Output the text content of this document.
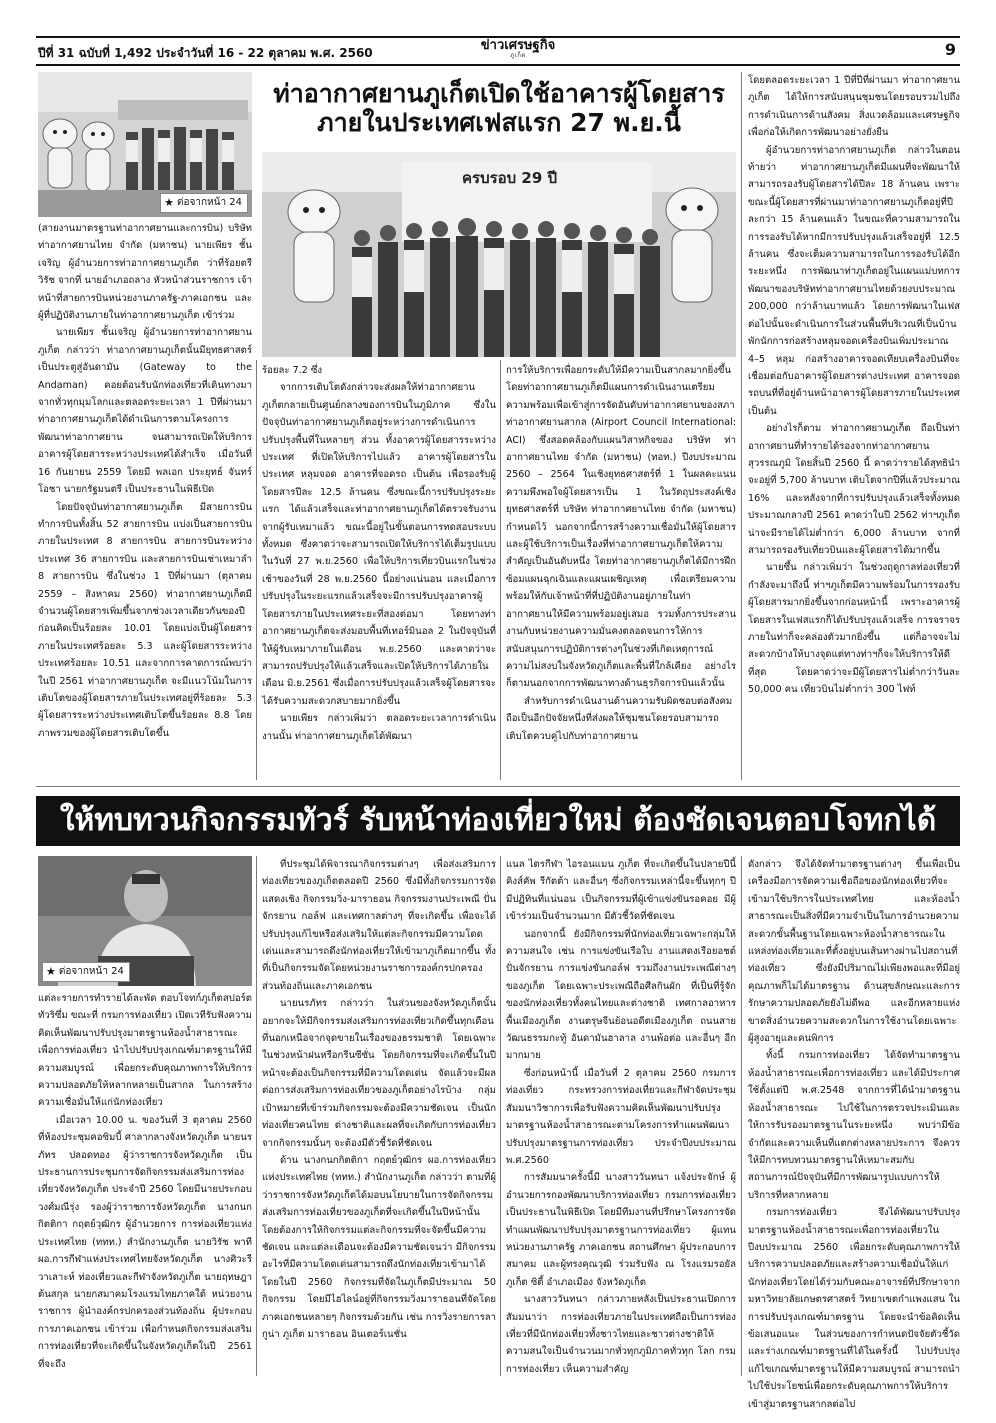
ปีที่ 31 ฉบับที่ 1,492 ประจำวันที่ 16 - 22 ตุลาคม พ.ศ. 2560	ข่าวเศรษฐกิจ
ภูเก็ต	9
★ ต่อจากหน้า 24
ท่าอากาศยานภูเก็ตเปิดใช้อาคารผู้โดยสาร
ภายในประเทศเฟสแรก 27 พ.ย.นี้
ครบรอบ 29 ปี

(สายงานมาตรฐานท่าอากาศยานและการบิน) บริษัท ท่าอากาศยานไทย จำกัด (มหาชน) นายเพียร ชั้นเจริญ ผู้อำนวยการท่าอากาศยานภูเก็ต ว่าที่ร้อยตรีวิรัช จากที่ นายอำเภอถลาง หัวหน้าส่วนราชการ เจ้าหน้าที่สายการบินหน่วยงานภาครัฐ-ภาคเอกชน และผู้ที่ปฏิบัติงานภายในท่าอากาศยานภูเก็ต เข้าร่วม

นายเพียร ชั้นเจริญ ผู้อำนวยการท่าอากาศยานภูเก็ต กล่าวว่า ท่าอากาศยานภูเก็ตนั้นมียุทธศาสตร์เป็นประตูสู่อันดามัน (Gateway to the Andaman) คอยต้อนรับนักท่องเที่ยวที่เดินทางมาจากทั่วทุกมุมโลกและตลอดระยะเวลา 1 ปีที่ผ่านมา ท่าอากาศยานภูเก็ตได้ดำเนินการตามโครงการพัฒนาท่าอากาศยาน จนสามารถเปิดให้บริการอาคารผู้โดยสารระหว่างประเทศได้สำเร็จ เมื่อวันที่ 16 กันยายน 2559 โดยมี พลเอก ประยุทธ์ จันทร์โอชา นายกรัฐมนตรี เป็นประธานในพิธีเปิด

โดยปัจจุบันท่าอากาศยานภูเก็ต มีสายการบินทำการบินทั้งสิ้น 52 สายการบิน แบ่งเป็นสายการบินภายในประเทศ 8 สายการบิน สายการบินระหว่างประเทศ 36 สายการบิน และสายการบินเช่าเหมาลำ 8 สายการบิน ซึ่งในช่วง 1 ปีที่ผ่านมา (ตุลาคม 2559 – สิงหาคม 2560) ท่าอากาศยานภูเก็ตมีจำนวนผู้โดยสารเพิ่มขึ้นจากช่วงเวลาเดียวกันของปีก่อนคิดเป็นร้อยละ 10.01 โดยแบ่งเป็นผู้โดยสารภายในประเทศร้อยละ 5.3 และผู้โดยสารระหว่างประเทศร้อยละ 10.51 และจากการคาดการณ์พบว่าในปี 2561 ท่าอากาศยานภูเก็ต จะมีแนวโน้มในการเติบโตของผู้โดยสารภายในประเทศอยู่ที่ร้อยละ 5.3 ผู้โดยสารระหว่างประเทศเติบโตขึ้นร้อยละ 8.8 โดยภาพรวมของผู้โดยสารเติบโตขึ้น

ร้อยละ 7.2 ซึ่ง

จากการเติบโตดังกล่าวจะส่งผลให้ท่าอากาศยานภูเก็ตกลายเป็นศูนย์กลางของการบินในภูมิภาค ซึ่งในปัจจุบันท่าอากาศยานภูเก็ตอยู่ระหว่างการดำเนินการปรับปรุงพื้นที่ในหลายๆ ส่วน ทั้งอาคารผู้โดยสารระหว่างประเทศ ที่เปิดให้บริการไปแล้ว อาคารผู้โดยสารในประเทศ หลุมจอด อาคารที่จอดรถ เป็นต้น เพื่อรองรับผู้โดยสารปีละ 12.5 ล้านคน ซึ่งขณะนี้การปรับปรุงระยะแรก ได้แล้วเสร็จและท่าอากาศยานภูเก็ตได้ตรวจรับงานจากผู้รับเหมาแล้ว ขณะนี้อยู่ในขั้นตอนการทดสอบระบบทั้งหมด ซึ่งคาดว่าจะสามารถเปิดให้บริการได้เต็มรูปแบบในวันที่ 27 พ.ย.2560 เพื่อให้บริการเที่ยวบินแรกในช่วงเช้าของวันที่ 28 พ.ย.2560 นี้อย่างแน่นอน และเมื่อการปรับปรุงในระยะแรกแล้วเสร็จจะมีการปรับปรุงอาคารผู้โดยสารภายในประเทศระยะที่สองต่อมา โดยทางท่าอากาศยานภูเก็ตจะส่งมอบพื้นที่เทอร์มินอล 2 ในปัจจุบันที่ให้ผู้รับเหมาภายในเดือน พ.ย.2560 และคาดว่าจะสามารถปรับปรุงให้แล้วเสร็จและเปิดให้บริการได้ภายในเดือน มิ.ย.2561 ซึ่งเมื่อการปรับปรุงแล้วเสร็จผู้โดยสารจะได้รับความสะดวกสบายมากยิ่งขึ้น

นายเพียร กล่าวเพิ่มว่า ตลอดระยะเวลาการดำเนินงานนั้น ท่าอากาศยานภูเก็ตได้พัฒนา

การให้บริการเพื่อยกระดับให้มีความเป็นสากลมากยิ่งขึ้น โดยท่าอากาศยานภูเก็ตมีแผนการดำเนินงานเตรียมความพร้อมเพื่อเข้าสู่การจัดอันดับท่าอากาศยานของสภาท่าอากาศยานสากล (Airport Council International: ACI) ซึ่งสอดคล้องกับแผนวิสาหกิจของ บริษัท ท่าอากาศยานไทย จำกัด (มหาชน) (ทอท.) ปีงบประมาณ 2560 – 2564 ในเชิงยุทธศาสตร์ที่ 1 ในผลคะแนนความพึงพอใจผู้โดยสารเป็น 1 ในวัตถุประสงค์เชิงยุทธศาสตร์ที่ บริษัท ท่าอากาศยานไทย จำกัด (มหาชน) กำหนดไว้ นอกจากนี้การสร้างความเชื่อมั่นให้ผู้โดยสารและผู้ใช้บริการเป็นเรื่องที่ท่าอากาศยานภูเก็ตให้ความสำคัญเป็นอันดับหนึ่ง โดยท่าอากาศยานภูเก็ตได้มีการฝึกซ้อมแผนฉุกเฉินและแผนเผชิญเหตุ เพื่อเตรียมความพร้อมให้กับเจ้าหน้าที่ที่ปฏิบัติงานอยู่ภายในท่าอากาศยานให้มีความพร้อมอยู่เสมอ รวมทั้งการประสานงานกับหน่วยงานความมั่นคงตลอดจนการให้การสนับสนุนการปฏิบัติการต่างๆในช่วงที่เกิดเหตุการณ์ความไม่สงบในจังหวัดภูเก็ตและพื้นที่ใกล้เคียง อย่างไรก็ตามนอกจากการพัฒนาทางด้านธุรกิจการบินแล้วนั้น

สำหรับการดำเนินงานด้านความรับผิดชอบต่อสังคมถือเป็นอีกปัจจัยหนึ่งที่ส่งผลให้ชุมชนโดยรอบสามารถเติบโตควบคู่ไปกับท่าอากาศยาน

โดยตลอดระยะเวลา 1 ปีที่ปีที่ผ่านมา ท่าอากาศยานภูเก็ต ได้ให้การสนับสนุนชุมชนโดยรอบรวมไปถึงการดำเนินการด้านสังคม สิ่งแวดล้อมและเศรษฐกิจ เพื่อก่อให้เกิดการพัฒนาอย่างยั่งยืน

ผู้อำนวยการท่าอากาศยานภูเก็ต กล่าวในตอนท้ายว่า ท่าอากาศยานภูเก็ตมีแผนที่จะพัฒนาให้สามารถรองรับผู้โดยสารได้ปีละ 18 ล้านคน เพราะขณะนี้ผู้โดยสารที่ผ่านมาท่าอากาศยานภูเก็ตอยู่ที่ปีละกว่า 15 ล้านคนแล้ว ในขณะที่ความสามารถในการรองรับได้หากมีการปรับปรุงแล้วเสร็จอยู่ที่ 12.5 ล้านคน ซึ่งจะเต็มความสามารถในการรองรับได้อีกระยะหนึ่ง การพัฒนาท่าภูเก็ตอยู่ในแผนแม่บทการพัฒนาของบริษัทท่าอากาศยานไทยด้วยงบประมาณ 200,000 กว่าล้านบาทแล้ว โดยการพัฒนาในเฟสต่อไปนั้นจะดำเนินการในส่วนพื้นที่บริเวณที่เป็นบ้านพักนักการก่อสร้างหลุมจอดเครื่องบินเพิ่มประมาณ 4–5 หลุม ก่อสร้างอาคารจอดเทียบเครื่องบินที่จะเชื่อมต่อกับอาคารผู้โดยสารต่างประเทศ อาคารจอดรถบนที่ที่อยู่ด้านหน้าอาคารผู้โดยสารภายในประเทศ เป็นต้น

อย่างไรก็ตาม ท่าอากาศยานภูเก็ต ถือเป็นท่าอากาศยานที่ทำรายได้รองจากท่าอากาศยานสุวรรณภูมิ โดยสิ้นปี 2560 นี้ คาดว่ารายได้สุทธินำจะอยู่ที่ 5,700 ล้านบาท เติบโตจากปีที่แล้วประมาณ 16% และหลังจากที่การปรับปรุงแล้วเสร็จทั้งหมด ประมาณกลางปี 2561 คาดว่าในปี 2562 ท่าฯภูเก็ตน่าจะมีรายได้ไม่ต่ำกว่า 6,000 ล้านบาท จากที่สามารถรองรับเที่ยวบินและผู้โดยสารได้มากขึ้น

นายซึ้น กล่าวเพิ่มว่า ในช่วงฤดูกาลท่องเที่ยวที่กำลังจะมาถึงนี้ ท่าฯภูเก็ตมีความพร้อมในการรองรับผู้โดยสารมากยิ่งขึ้นจากก่อนหน้านี้ เพราะอาคารผู้โดยสารในเฟสแรกก็ได้ปรับปรุงแล้วเสร็จ การจราจรภายในท่าก็จะคล่องตัวมากยิ่งขึ้น แต่ก็อาจจะไม่สะดวกบ้างให้บางจุดแต่ทางท่าฯก็จะให้บริการให้ดีที่สุด โดยคาดว่าจะมีผู้โดยสารไม่ต่ำกว่าวันละ 50,000 คน เที่ยวบินไม่ต่ำกว่า 300 ไฟท์

ให้ทบทวนกิจกรรมทัวร์ รับหน้าท่องเที่ยวใหม่ ต้องชัดเจนตอบโจทกได้
★ ต่อจากหน้า 24

แต่ละรายการทำรายได้ละพัด ตอบโจทก์ภูเก็ตสปอร์ตทัวริซึ่ม ขณะที่ กรมการท่องเที่ยว เปิดเวทีรับฟังความคิดเห็นพัฒนาปรับปรุงมาตรฐานห้องน้ำสาธารณะเพื่อการท่องเที่ยว นำไปปรับปรุงเกณฑ์มาตรฐานให้มีความสมบูรณ์ เพื่อยกระดับคุณภาพการให้บริการความปลอดภัยให้หลากหลายเป็นสากล ในการสร้างความเชื่อมั่นให้แก่นักท่องเที่ยว

เมื่อเวลา 10.00 น. ของวันที่ 3 ตุลาคม 2560 ที่ห้องประชุมคอซิมบี้ ศาลากลางจังหวัดภูเก็ต นายนรภัทร ปลอดทอง ผู้ว่าราชการจังหวัดภูเก็ต เป็นประธานการประชุมการจัดกิจกรรมส่งเสริมการท่องเที่ยวจังหวัดภูเก็ต ประจำปี 2560 โดยมีนายประกอบ วงศ์มณีรุ่ง รองผู้ว่าราชการจังหวัดภูเก็ต นางกนกกิตติกา กฤตย์วุฒิกร ผู้อำนวยการ การท่องเที่ยวแห่งประเทศไทย (ททท.) สำนักงานภูเก็ต นายวิรัช พาที ผอ.การกีฬาแห่งประเทศไทยจังหวัดภูเก็ต นางศิวะรีวาเลาะห์ ท่องเที่ยวและกีฬาจังหวัดภูเก็ต นายฤทษฎา ต้นสกุล นายกสมาคมโรงแรมไทยภาคใต้ หน่วยงานราชการ ผู้นำองค์กรปกครองส่วนท้องถิ่น ผู้ประกอบการภาคเอกชน เข้าร่วม เพื่อกำหนดกิจกรรมส่งเสริมการท่องเที่ยวที่จะเกิดขึ้นในจังหวัดภูเก็ตในปี 2561 ที่จะถึง

ที่ประชุมได้พิจารณากิจกรรมต่างๆ เพื่อส่งเสริมการท่องเที่ยวของภูเก็ตตลอดปี 2560 ซึ่งมีทั้งกิจกรรมการจัดแสดงเชิง กิจกรรมวิ่ง-มาราธอน กิจกรรมงานประเพณี ปั่นจักรยาน กอล์ฟ และเทศกาลต่างๆ ที่จะเกิดขึ้น เพื่อจะได้ปรับปรุงแก้ไขหรือส่งเสริมให้แต่ละกิจกรรมมีความโดดเด่นและสามารถดึงนักท่องเที่ยวให้เข้ามาภูเก็ตมากขึ้น ทั้งที่เป็นกิจกรรมจัดโดยหน่วยงานราชการองค์กรปกครองส่วนท้องถิ่นและภาคเอกชน

นายนรภัทร กล่าวว่า ในส่วนของจังหวัดภูเก็ตนั้นอยากจะให้มีกิจกรรมส่งเสริมการท่องเที่ยวเกิดขึ้นทุกเดือน ที่นอกเหนือจากจุดขายในเรื่องของธรรมชาติ โดยเฉพาะในช่วงหน้าฝนหรือกรีนซีซั่น โดยกิจกรรมที่จะเกิดขึ้นในปีหน้าจะต้องเป็นกิจกรรมที่มีความโดดเด่น จัดแล้วจะมีผลต่อการส่งเสริมการท่องเที่ยวของภูเก็ตอย่างไรบ้าง กลุ่มเป้าหมายที่เข้าร่วมกิจกรรมจะต้องมีความชัดเจน เป็นนักท่องเที่ยวคนไทย ต่างชาติและผลที่จะเกิดกับการท่องเที่ยวจากกิจกรรมนั้นๆ จะต้องมีตัวชี้วัดที่ชัดเจน

ด้าน นางกนกกิตติกา กฤตย์วุฒิกร ผอ.การท่องเที่ยวแห่งประเทศไทย (ททท.) สำนักงานภูเก็ต กล่าวว่า ตามที่ผู้ว่าราชการจังหวัดภูเก็ตได้มอบนโยบายในการจัดกิจกรรมส่งเสริมการท่องเที่ยวของภูเก็ตที่จะเกิดขึ้นในปีหน้านั้น โดยต้องการให้กิจกรรมแต่ละกิจกรรมที่จะจัดขึ้นมีความชัดเจน และแต่ละเดือนจะต้องมีความชัดเจนว่า มีกิจกรรมอะไรที่มีความโดดเด่นสามารถดึงนักท่องเที่ยวเข้ามาได้ โดยในปี 2560 กิจกรรมที่จัดในภูเก็ตมีประมาณ 50 กิจกรรม โดยมีไฮไลน์อยู่ที่กิจกรรมวิ่งมาราธอนที่จัดโดยภาคเอกชนหลายๆ กิจกรรมด้วยกัน เช่น การวิ่งรายการลากูน่า ภูเก็ต มาราธอน อินเตอร์เนชั่น

แนล ไตรกีฬา ไอรอนแมน ภูเก็ต ที่จะเกิดขึ้นในปลายปีนี้ คิงส์คัพ รีกัตต้า และอื่นๆ ซึ่งกิจกรรมเหล่านี้จะขึ้นทุกๆ ปี มีปฏิทินที่แน่นอน เป็นกิจกรรมที่ผู้เข้าแข่งขันรอคอย มีผู้เข้าร่วมเป็นจำนวนมาก มีตัวชี้วัดที่ชัดเจน

นอกจากนี้ ยังมีกิจกรรมที่นักท่องเที่ยวเฉพาะกลุ่มให้ความสนใจ เช่น การแข่งขันเรือใบ งานแสดงเรือยอชต์ ปั่นจักรยาน การแข่งขันกอล์ฟ รวมถึงงานประเพณีต่างๆ ของภูเก็ต โดยเฉพาะประเพณีถือศีลกินผัก ที่เป็นที่รู้จักของนักท่องเที่ยวทั้งคนไทยและต่างชาติ เทศกาลอาหารพื้นเมืองภูเก็ต งานตรุษจีนย้อนอดีตเมืองภูเก็ต ถนนสายวัฒนธรรมกะทู้ อันดามันฮาลาล งานพ้อต่อ และอื่นๆ อีกมากมาย

ซึ่งก่อนหน้านี้ เมื่อวันที่ 2 ตุลาคม 2560 กรมการท่องเที่ยว กระทรวงการท่องเที่ยวและกีฬาจัดประชุมสัมมนาวิชาการเพื่อรับฟังความคิดเห็นพัฒนาปรับปรุงมาตรฐานห้องน้ำสาธารณะตามโครงการทำแผนพัฒนาปรับปรุงมาตรฐานการท่องเที่ยว ประจำปีงบประมาณ พ.ศ.2560

การสัมมนาครั้งนี้มี นางสาววันทนา แจ้งประจักษ์ ผู้อำนวยการกองพัฒนาบริการท่องเที่ยว กรมการท่องเที่ยว เป็นประธานในพิธีเปิด โดยมีทีมงานที่ปรึกษาโครงการจัดทำแผนพัฒนาปรับปรุงมาตรฐานการท่องเที่ยว ผู้แทนหน่วยงานภาครัฐ ภาคเอกชน สถานศึกษา ผู้ประกอบการ สมาคม และผู้ทรงคุณวุฒิ ร่วมรับฟัง ณ โรงแรมรอยัลภูเก็ต ซิตี้ อำเภอเมือง จังหวัดภูเก็ต

นางสาววันทนา กล่าวภายหลังเป็นประธานเปิดการสัมมนาว่า การท่องเที่ยวภายในประเทศถือเป็นการท่องเที่ยวที่มีนักท่องเที่ยวทั้งชาวไทยและชาวต่างชาติให้ความสนใจเป็นจำนวนมากทั่วทุกภูมิภาคทั่วทุก โลก กรมการท่องเที่ยว เห็นความสำคัญ

ดังกล่าว จึงได้จัดทำมาตรฐานต่างๆ ขึ้นเพื่อเป็นเครื่องมือการจัดความเชื่อถือของนักท่องเที่ยวที่จะเข้ามาใช้บริการในประเทศไทย และห้องน้ำสาธารณะเป็นสิ่งที่มีความจำเป็นในการอำนวยความสะดวกขั้นพื้นฐานโดยเฉพาะห้องน้ำสาธารณะในแหล่งท่องเที่ยวและที่ตั้งอยู่บนเส้นทางผ่านไปสถานที่ท่องเที่ยว ซึ่งยังมีปริมาณไม่เพียงพอและที่มีอยู่คุณภาพก็ไม่ได้มาตรฐาน ด้านสุขลักษณะและการรักษาความปลอดภัยยังไม่ดีพอ และอีกหลายแห่งขาดสิ่งอำนวยความสะดวกในการใช้งานโดยเฉพาะผู้สูงอายุและคนพิการ

ทั้งนี้ กรมการท่องเที่ยว ได้จัดทำมาตรฐานห้องน้ำสาธารณะเพื่อการท่องเที่ยว และได้มีประกาศใช้ตั้งแต่ปี พ.ศ.2548 จากการที่ได้นำมาตรฐานห้องน้ำสาธารณะ ไปใช้ในการตรวจประเมินและให้การรับรองมาตรฐานในระยะหนึ่ง พบว่ามีข้อจำกัดและความเห็นที่แตกต่างหลายประการ จึงควรให้มีการทบทวนมาตรฐานให้เหมาะสมกับสถานการณ์ปัจจุบันที่มีการพัฒนารูปแบบการให้บริการที่หลากหลาย

กรมการท่องเที่ยว จึงได้พัฒนาปรับปรุงมาตรฐานห้องน้ำสาธารณะเพื่อการท่องเที่ยวในปีงบประมาณ 2560 เพื่อยกระดับคุณภาพการให้บริการความปลอดภัยและสร้างความเชื่อมั่นให้แก่นักท่องเที่ยวโดยได้ร่วมกับคณะอาจารย์ที่ปรึกษาจากมหาวิทยาลัยเกษตรศาสตร์ วิทยาเขตกำแพงแสน ในการปรับปรุงเกณฑ์มาตรฐาน โดยจะนำข้อคิดเห็น ข้อเสนอแนะ ในส่วนของการกำหนดปัจจัยตัวชี้วัดและร่างเกณฑ์มาตรฐานที่ได้ในครั้งนี้ ไปปรับปรุงแก้ไขเกณฑ์มาตรฐานให้มีความสมบูรณ์ สามารถนำไปใช้ประโยชน์เพื่อยกระดับคุณภาพการให้บริการเข้าสู่มาตรฐานสากลต่อไป
